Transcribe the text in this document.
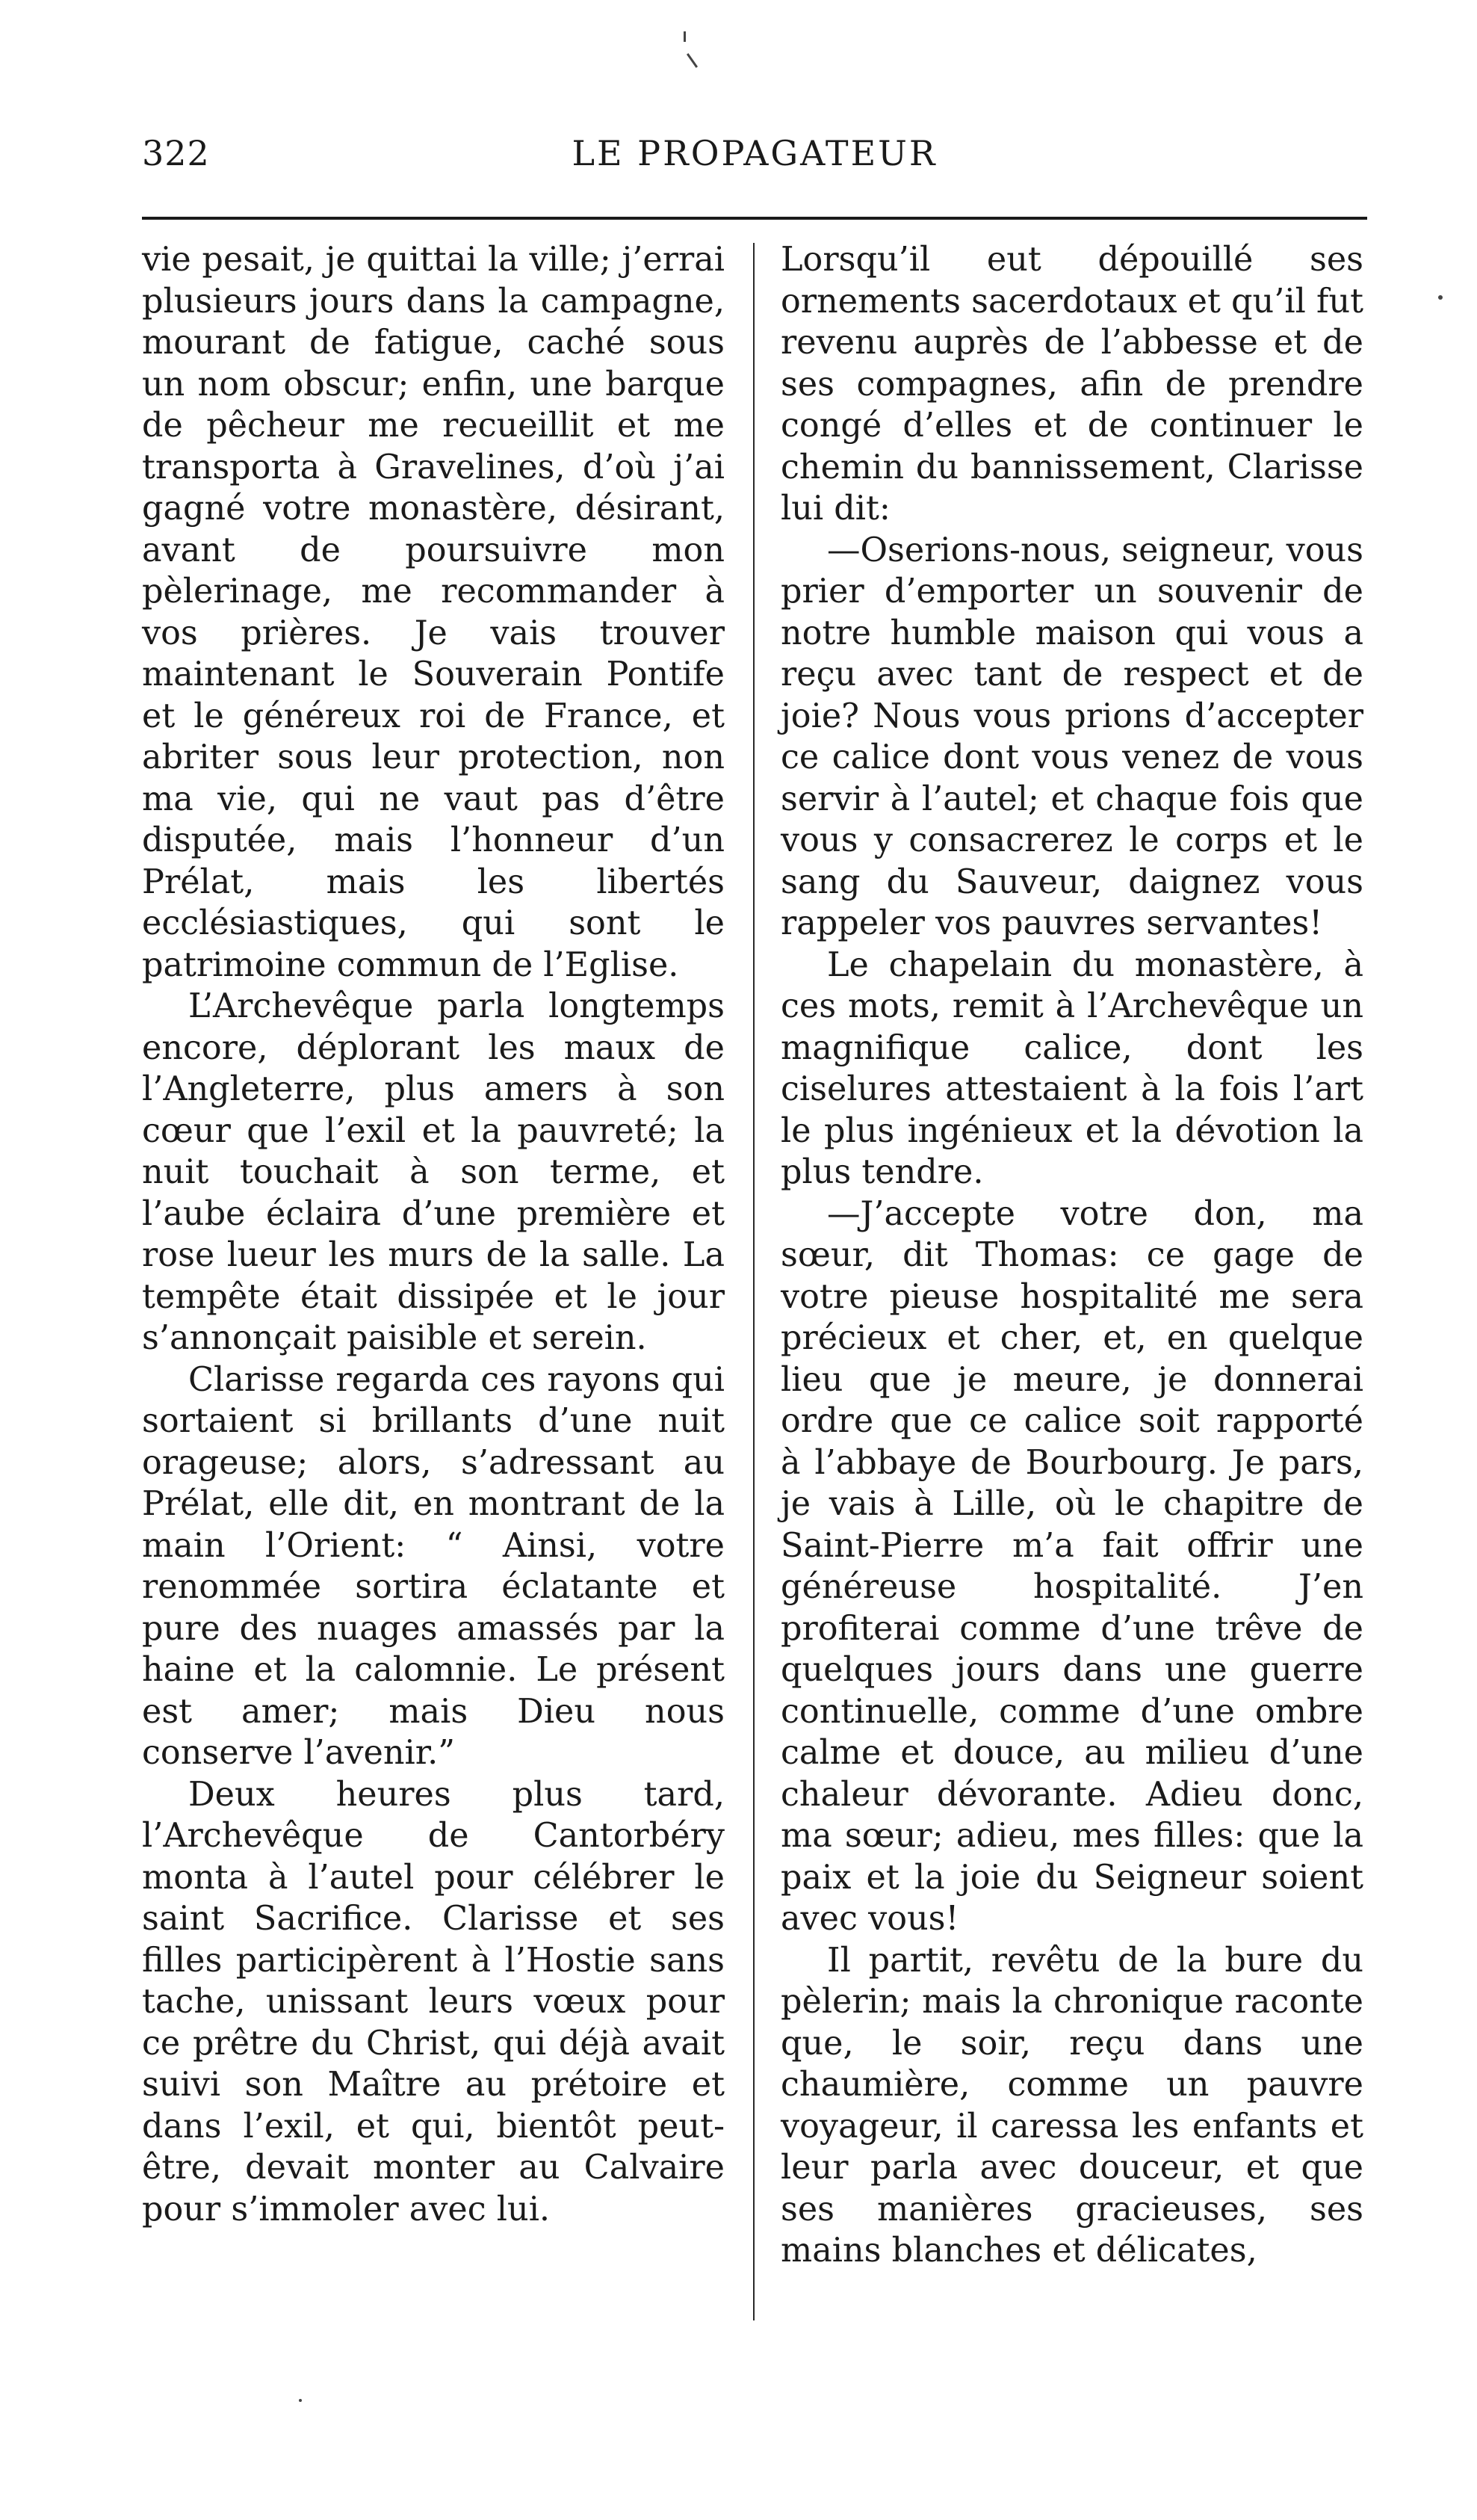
322	LE PROPAGATEUR

vie pesait, je quittai la ville; j’errai plusieurs jours dans la campagne, mourant de fatigue, caché sous un nom obscur; enfin, une barque de pêcheur me recueillit et me transporta à Gravelines, d’où j’ai gagné votre monastère, désirant, avant de poursuivre mon pèlerinage, me recommander à vos prières. Je vais trouver maintenant le Souverain Pontife et le généreux roi de France, et abriter sous leur protection, non ma vie, qui ne vaut pas d’être disputée, mais l’honneur d’un Prélat, mais les libertés ecclésiastiques, qui sont le patrimoine commun de l’Eglise.

L’Archevêque parla longtemps encore, déplorant les maux de l’Angleterre, plus amers à son cœur que l’exil et la pauvreté; la nuit touchait à son terme, et l’aube éclaira d’une première et rose lueur les murs de la salle. La tempête était dissipée et le jour s’annonçait paisible et serein.

Clarisse regarda ces rayons qui sortaient si brillants d’une nuit orageuse; alors, s’adressant au Prélat, elle dit, en montrant de la main l’Orient: “ Ainsi, votre renommée sortira éclatante et pure des nuages amassés par la haine et la calomnie. Le présent est amer; mais Dieu nous conserve l’avenir.”

Deux heures plus tard, l’Archevêque de Cantorbéry monta à l’autel pour célébrer le saint Sacrifice. Clarisse et ses filles participèrent à l’Hostie sans tache, unissant leurs vœux pour ce prêtre du Christ, qui déjà avait suivi son Maître au prétoire et dans l’exil, et qui, bientôt peut-être, devait monter au Calvaire pour s’immoler avec lui.

Lorsqu’il eut dépouillé ses ornements sacerdotaux et qu’il fut revenu auprès de l’abbesse et de ses compagnes, afin de prendre congé d’elles et de continuer le chemin du bannissement, Clarisse lui dit:

—Oserions-nous, seigneur, vous prier d’emporter un souvenir de notre humble maison qui vous a reçu avec tant de respect et de joie? Nous vous prions d’accepter ce calice dont vous venez de vous servir à l’autel; et chaque fois que vous y consacrerez le corps et le sang du Sauveur, daignez vous rappeler vos pauvres servantes!

Le chapelain du monastère, à ces mots, remit à l’Archevêque un magnifique calice, dont les ciselures attestaient à la fois l’art le plus ingénieux et la dévotion la plus tendre.

—J’accepte votre don, ma sœur, dit Thomas: ce gage de votre pieuse hospitalité me sera précieux et cher, et, en quelque lieu que je meure, je donnerai ordre que ce calice soit rapporté à l’abbaye de Bourbourg. Je pars, je vais à Lille, où le chapitre de Saint-Pierre m’a fait offrir une généreuse hospitalité. J’en profiterai comme d’une trêve de quelques jours dans une guerre continuelle, comme d’une ombre calme et douce, au milieu d’une chaleur dévorante. Adieu donc, ma sœur; adieu, mes filles: que la paix et la joie du Seigneur soient avec vous!

Il partit, revêtu de la bure du pèlerin; mais la chronique raconte que, le soir, reçu dans une chaumière, comme un pauvre voyageur, il caressa les enfants et leur parla avec douceur, et que ses manières gracieuses, ses mains blanches et délicates,
